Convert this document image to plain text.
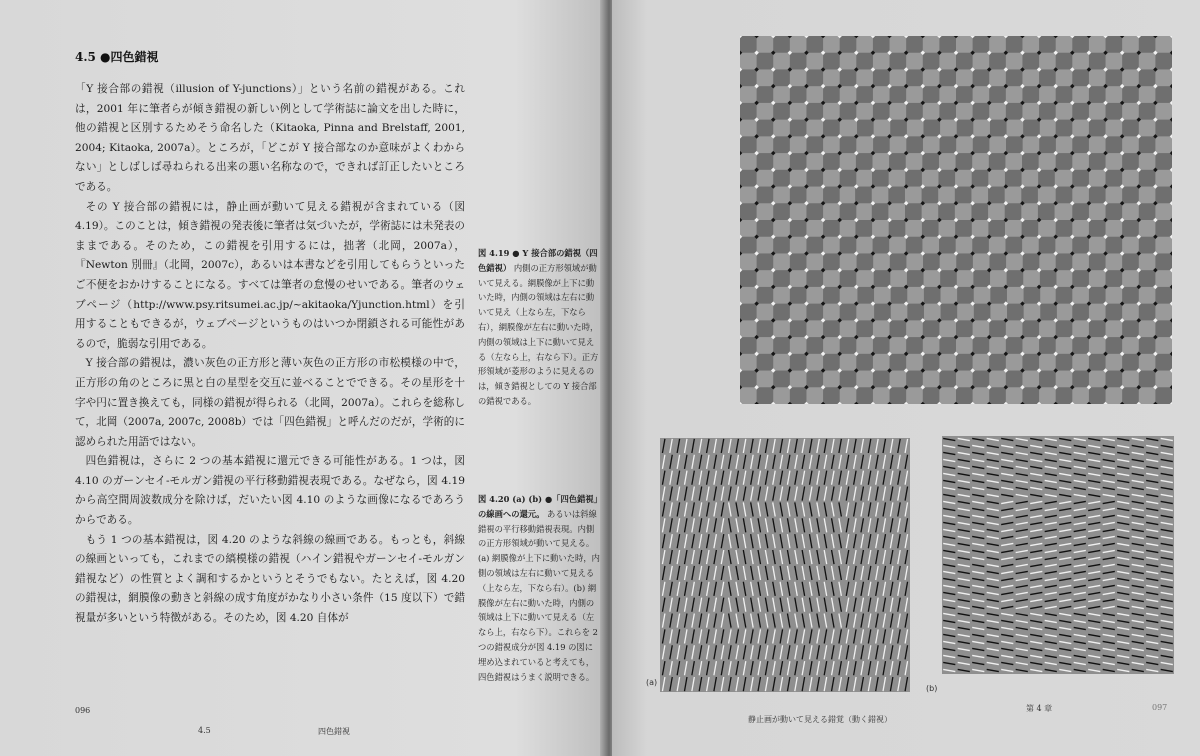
4.5 ●四色錯視

「Y 接合部の錯視（illusion of Y-junctions）」という名前の錯視がある。これは，2001 年に筆者らが傾き錯視の新しい例として学術誌に論文を出した時に，他の錯視と区別するためそう命名した（Kitaoka, Pinna and Brelstaff, 2001, 2004; Kitaoka, 2007a）。ところが，「どこが Y 接合部なのか意味がよくわからない」としばしば尋ねられる出来の悪い名称なので，できれば訂正したいところである。

その Y 接合部の錯視には，静止画が動いて見える錯視が含まれている（図 4.19）。このことは，傾き錯視の発表後に筆者は気づいたが，学術誌には未発表のままである。そのため，この錯視を引用するには，拙著（北岡，2007a），『Newton 別冊』（北岡，2007c），あるいは本書などを引用してもらうといったご不便をおかけすることになる。すべては筆者の怠慢のせいである。筆者のウェブページ（http://www.psy.ritsumei.ac.jp/~akitaoka/Yjunction.html）を引用することもできるが，ウェブページというものはいつか閉鎖される可能性があるので，脆弱な引用である。

Y 接合部の錯視は，濃い灰色の正方形と薄い灰色の正方形の市松模様の中で，正方形の角のところに黒と白の星型を交互に並べることでできる。その星形を十字や円に置き換えても，同様の錯視が得られる（北岡，2007a）。これらを総称して，北岡（2007a, 2007c, 2008b）では「四色錯視」と呼んだのだが，学術的に認められた用語ではない。

四色錯視は，さらに 2 つの基本錯視に還元できる可能性がある。1 つは，図 4.10 のガーンセイ-モルガン錯視の平行移動錯視表現である。なぜなら，図 4.19 から高空間周波数成分を除けば，だいたい図 4.10 のような画像になるであろうからである。

もう 1 つの基本錯視は，図 4.20 のような斜線の線画である。もっとも，斜線の線画といっても，これまでの縞模様の錯視（ハイン錯視やガーンセイ-モルガン錯視など）の性質とよく調和するかというとそうでもない。たとえば，図 4.20 の錯視は，網膜像の動きと斜線の成す角度がかなり小さい条件（15 度以下）で錯視量が多いという特徴がある。そのため，図 4.20 自体が

図 4.19 ● Y 接合部の錯視（四色錯視） 内側の正方形領域が動いて見える。網膜像が上下に動いた時，内側の領域は左右に動いて見え（上なら左，下なら右），網膜像が左右に動いた時，内側の領域は上下に動いて見える（左なら上，右なら下）。正方形領域が菱形のように見えるのは，傾き錯視としての Y 接合部の錯視である。
図 4.20 (a) (b) ●「四色錯視」の線画への還元。 あるいは斜線錯視の平行移動錯視表現。内側の正方形領域が動いて見える。(a) 網膜像が上下に動いた時，内側の領域は左右に動いて見える（上なら左，下なら右）。(b) 網膜像が左右に動いた時，内側の領域は上下に動いて見える（左なら上，右なら下）。これらを 2 つの錯視成分が図 4.19 の図に埋め込まれていると考えても，四色錯視はうまく説明できる。
096
4.5	四色錯視
(a)
(b)
静止画が動いて見える錯覚（動く錯視）
第 4 章	097
